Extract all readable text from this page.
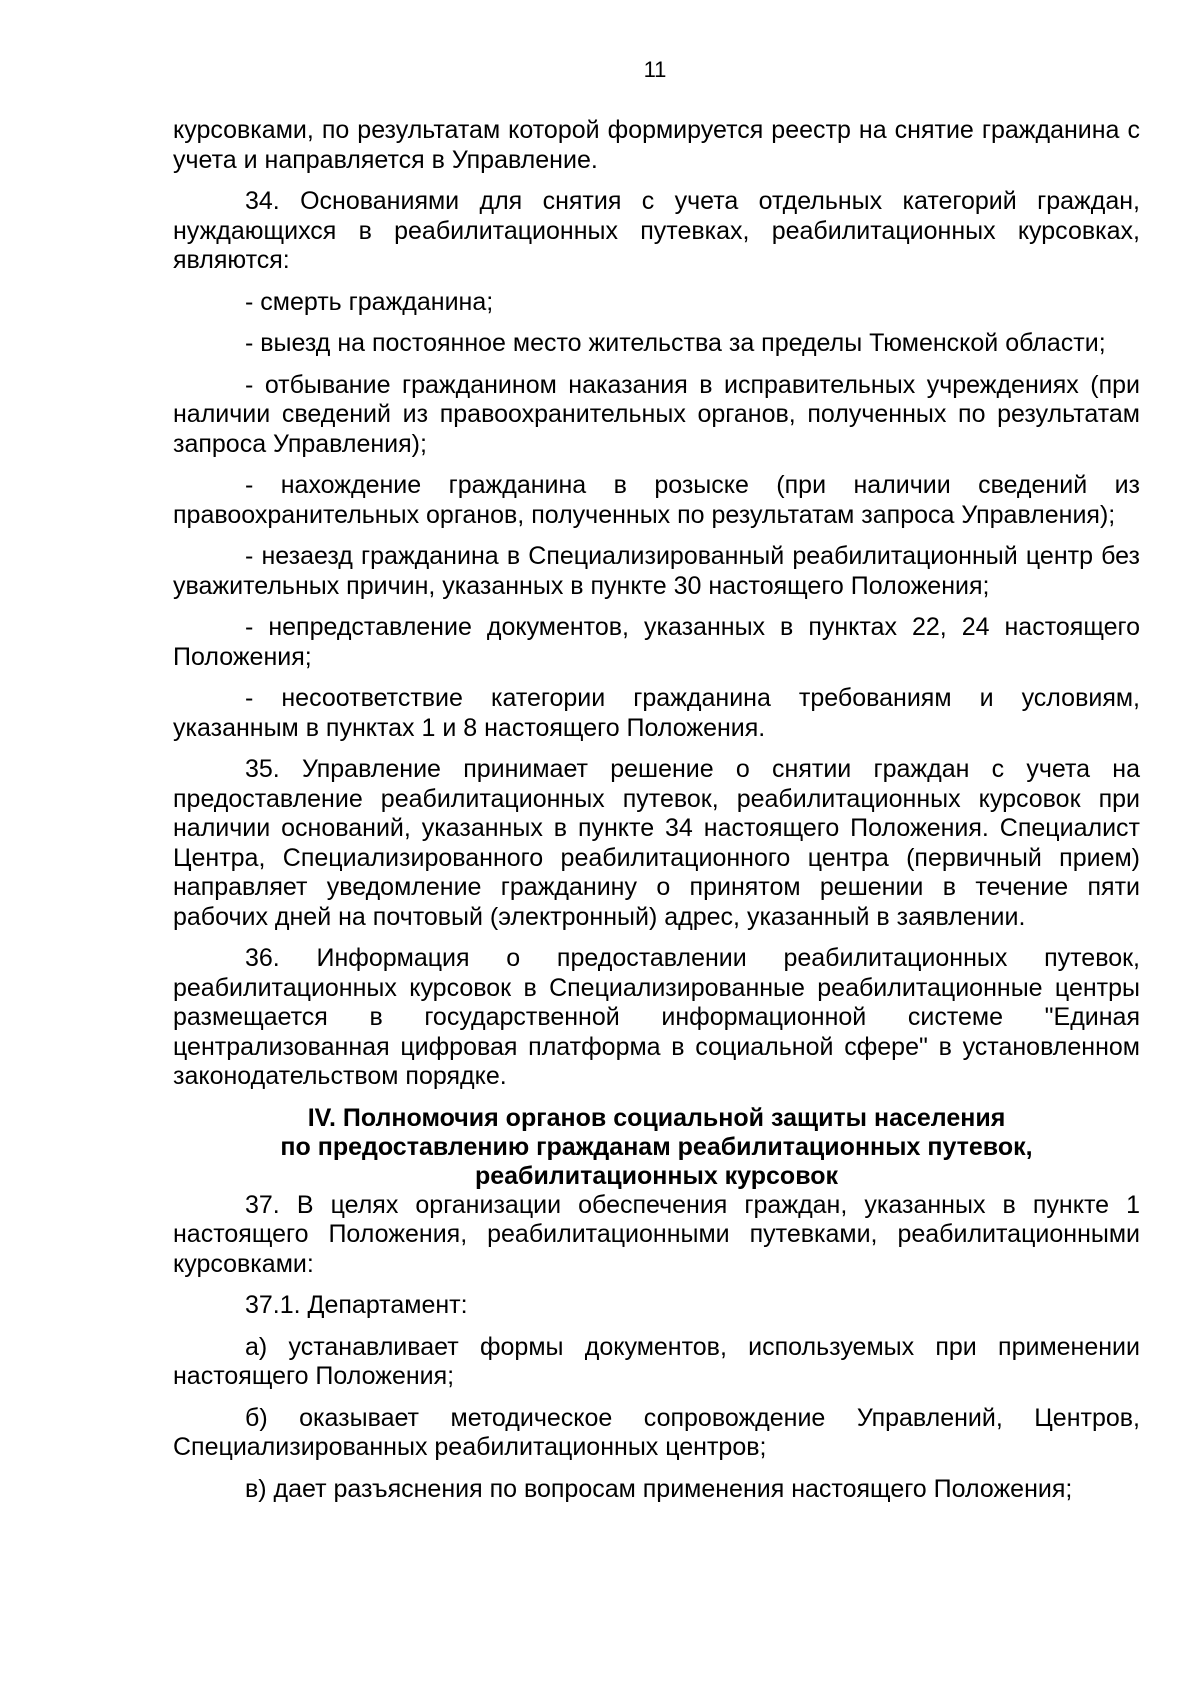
11

курсовками, по результатам которой формируется реестр на снятие гражданина с учета и направляется в Управление.

34. Основаниями для снятия с учета отдельных категорий граждан, нуждающихся в реабилитационных путевках, реабилитационных курсовках, являются:

- смерть гражданина;

- выезд на постоянное место жительства за пределы Тюменской области;

- отбывание гражданином наказания в исправительных учреждениях (при наличии сведений из правоохранительных органов, полученных по результатам запроса Управления);

- нахождение гражданина в розыске (при наличии сведений из правоохранительных органов, полученных по результатам запроса Управления);

- незаезд гражданина в Специализированный реабилитационный центр без уважительных причин, указанных в пункте 30 настоящего Положения;

- непредставление документов, указанных в пунктах 22, 24 настоящего Положения;

- несоответствие категории гражданина требованиям и условиям, указанным в пунктах 1 и 8 настоящего Положения.

35. Управление принимает решение о снятии граждан с учета на предоставление реабилитационных путевок, реабилитационных курсовок при наличии оснований, указанных в пункте 34 настоящего Положения. Специалист Центра, Специализированного реабилитационного центра (первичный прием) направляет уведомление гражданину о принятом решении в течение пяти рабочих дней на почтовый (электронный) адрес, указанный в заявлении.

36. Информация о предоставлении реабилитационных путевок, реабилитационных курсовок в Специализированные реабилитационные центры размещается в государственной информационной системе "Единая централизованная цифровая платформа в социальной сфере" в установленном законодательством порядке.

IV. Полномочия органов социальной защиты населения
по предоставлению гражданам реабилитационных путевок,
реабилитационных курсовок

37. В целях организации обеспечения граждан, указанных в пункте 1 настоящего Положения, реабилитационными путевками, реабилитационными курсовками:

37.1. Департамент:

а) устанавливает формы документов, используемых при применении настоящего Положения;

б) оказывает методическое сопровождение Управлений, Центров, Специализированных реабилитационных центров;

в) дает разъяснения по вопросам применения настоящего Положения;
